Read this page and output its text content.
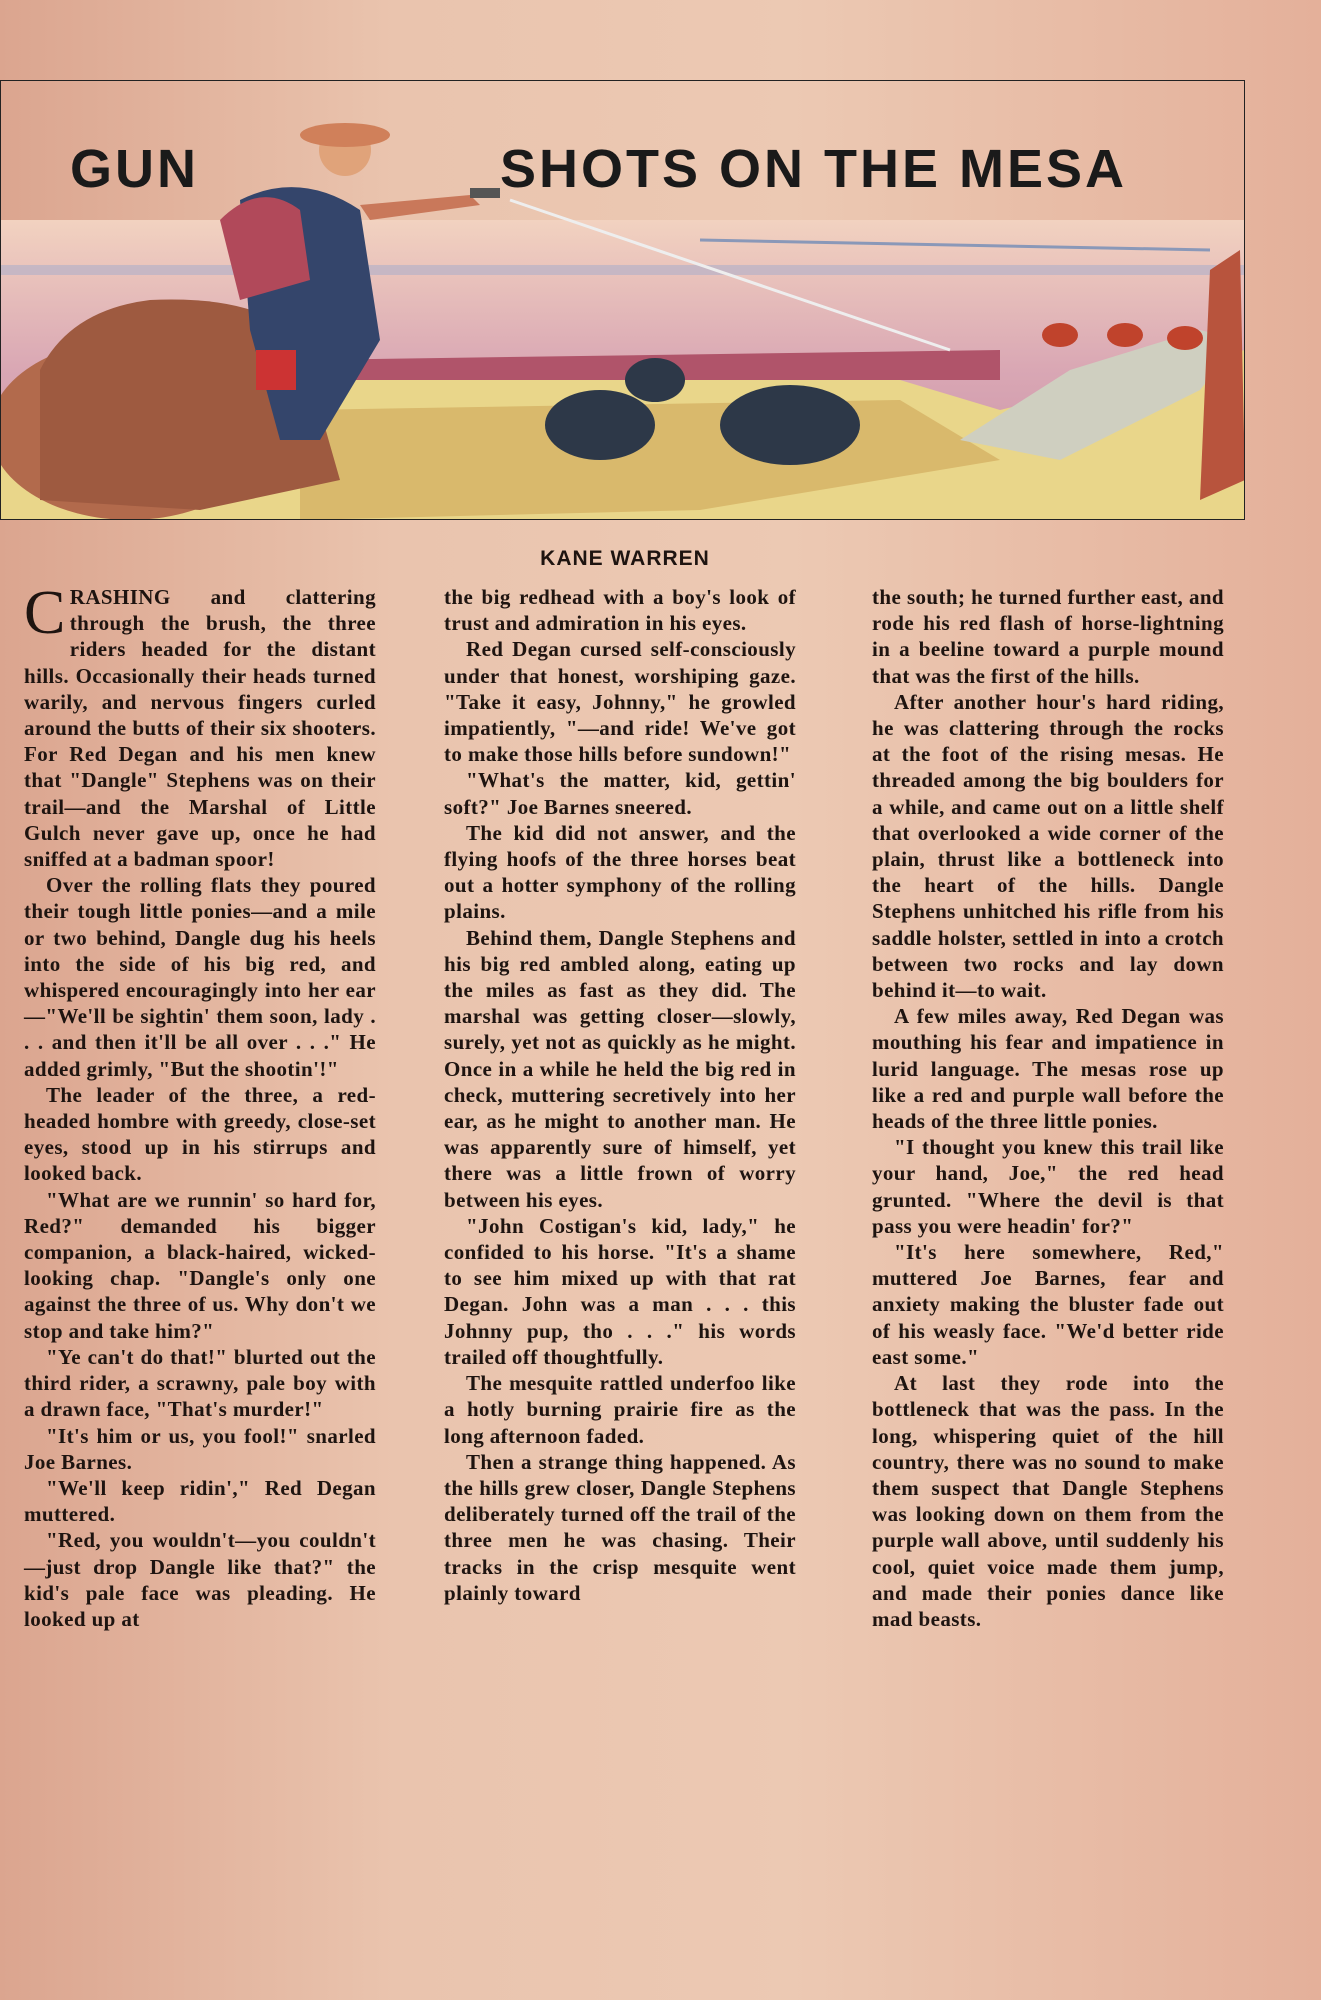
GUN	SHOTS ON THE MESA
KANE WARREN
C RASHING and clattering through the brush, the three riders headed for the distant hills. Occasionally their heads turned warily, and nervous fingers curled around the butts of their six shooters. For Red Degan and his men knew that "Dangle" Stephens was on their trail—and the Marshal of Little Gulch never gave up, once he had sniffed at a badman spoor!

Over the rolling flats they poured their tough little ponies—and a mile or two behind, Dangle dug his heels into the side of his big red, and whispered encouragingly into her ear—"We'll be sightin' them soon, lady . . . and then it'll be all over . . ." He added grimly, "But the shootin'!"

The leader of the three, a red-headed hombre with greedy, close-set eyes, stood up in his stirrups and looked back.

"What are we runnin' so hard for, Red?" demanded his bigger companion, a black-haired, wicked-looking chap. "Dangle's only one against the three of us. Why don't we stop and take him?"

"Ye can't do that!" blurted out the third rider, a scrawny, pale boy with a drawn face, "That's murder!"

"It's him or us, you fool!" snarled Joe Barnes.

"We'll keep ridin'," Red Degan muttered.

"Red, you wouldn't—you couldn't—just drop Dangle like that?" the kid's pale face was pleading. He looked up at

the big redhead with a boy's look of trust and admiration in his eyes.

Red Degan cursed self-consciously under that honest, worshiping gaze. "Take it easy, Johnny," he growled impatiently, "—and ride! We've got to make those hills before sundown!"

"What's the matter, kid, gettin' soft?" Joe Barnes sneered.

The kid did not answer, and the flying hoofs of the three horses beat out a hotter symphony of the rolling plains.

Behind them, Dangle Stephens and his big red ambled along, eating up the miles as fast as they did. The marshal was getting closer—slowly, surely, yet not as quickly as he might. Once in a while he held the big red in check, muttering secretively into her ear, as he might to another man. He was apparently sure of himself, yet there was a little frown of worry between his eyes.

"John Costigan's kid, lady," he confided to his horse. "It's a shame to see him mixed up with that rat Degan. John was a man . . . this Johnny pup, tho . . ." his words trailed off thoughtfully.

The mesquite rattled underfoo like a hotly burning prairie fire as the long afternoon faded.

Then a strange thing happened. As the hills grew closer, Dangle Stephens deliberately turned off the trail of the three men he was chasing. Their tracks in the crisp mesquite went plainly toward

the south; he turned further east, and rode his red flash of horse-lightning in a beeline toward a purple mound that was the first of the hills.

After another hour's hard riding, he was clattering through the rocks at the foot of the rising mesas. He threaded among the big boulders for a while, and came out on a little shelf that overlooked a wide corner of the plain, thrust like a bottleneck into the heart of the hills. Dangle Stephens unhitched his rifle from his saddle holster, settled in into a crotch between two rocks and lay down behind it—to wait.

A few miles away, Red Degan was mouthing his fear and impatience in lurid language. The mesas rose up like a red and purple wall before the heads of the three little ponies.

"I thought you knew this trail like your hand, Joe," the red head grunted. "Where the devil is that pass you were headin' for?"

"It's here somewhere, Red," muttered Joe Barnes, fear and anxiety making the bluster fade out of his weasly face. "We'd better ride east some."

At last they rode into the bottleneck that was the pass. In the long, whispering quiet of the hill country, there was no sound to make them suspect that Dangle Stephens was looking down on them from the purple wall above, until suddenly his cool, quiet voice made them jump, and made their ponies dance like mad beasts.
